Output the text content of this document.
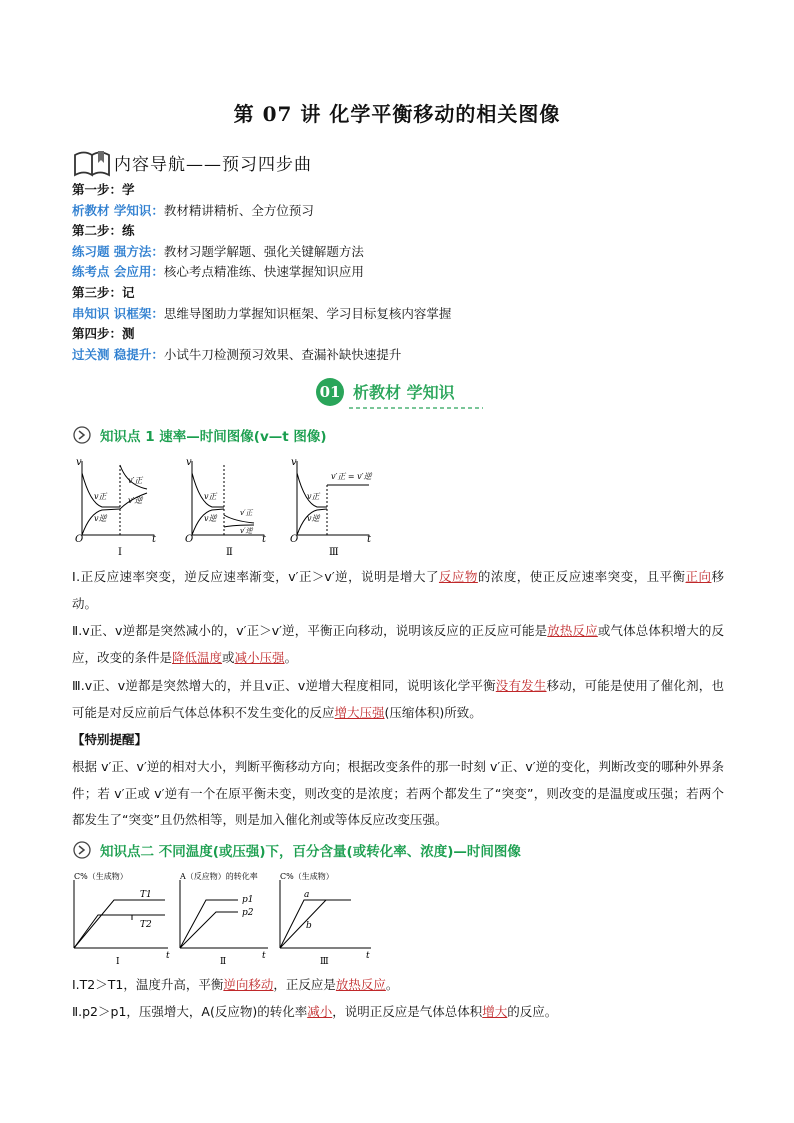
第 07 讲 化学平衡移动的相关图像
内容导航——预习四步曲
第一步：学
析教材 学知识：教材精讲精析、全方位预习
第二步：练
练习题 强方法：教材习题学解题、强化关键解题方法
练考点 会应用：核心考点精准练、快速掌握知识应用
第三步：记
串知识 识框架：思维导图助力掌握知识框架、学习目标复核内容掌握
第四步：测
过关测 稳提升：小试牛刀检测预习效果、查漏补缺快速提升
01 析教材 学知识
知识点 1 速率—时间图像(v—t 图像)
v
O	t
v正
v逆
v′正
v′逆
Ⅰ
v
O	t
v正
v逆
v′正
v′逆
Ⅱ
v
O	t
v′正 = v′逆
v正
v逆
Ⅲ
Ⅰ.正反应速率突变，逆反应速率渐变，v′正＞v′逆，说明是增大了反应物的浓度，使正反应速率突变，且平衡正向移动。
Ⅱ.v正、v逆都是突然减小的，v′正＞v′逆，平衡正向移动，说明该反应的正反应可能是放热反应或气体总体积增大的反应，改变的条件是降低温度或减小压强。
Ⅲ.v正、v逆都是突然增大的，并且v正、v逆增大程度相同，说明该化学平衡没有发生移动，可能是使用了催化剂，也可能是对反应前后气体总体积不发生变化的反应增大压强(压缩体积)所致。
【特别提醒】
根据 v′正、v′逆的相对大小，判断平衡移动方向；根据改变条件的那一时刻 v′正、v′逆的变化，判断改变的哪种外界条件；若 v′正或 v′逆有一个在原平衡未变，则改变的是浓度；若两个都发生了“突变”，则改变的是温度或压强；若两个都发生了“突变”且仍然相等，则是加入催化剂或等体反应改变压强。
知识点二 不同温度(或压强)下，百分含量(或转化率、浓度)—时间图像
C%（生成物）
t
T1
T2
Ⅰ
A（反应物）的转化率
t
p1
p2
Ⅱ
C%（生成物）
t
a
b
Ⅲ
Ⅰ.T2＞T1，温度升高，平衡逆向移动，正反应是放热反应。
Ⅱ.p2＞p1，压强增大，A(反应物)的转化率减小，说明正反应是气体总体积增大的反应。
